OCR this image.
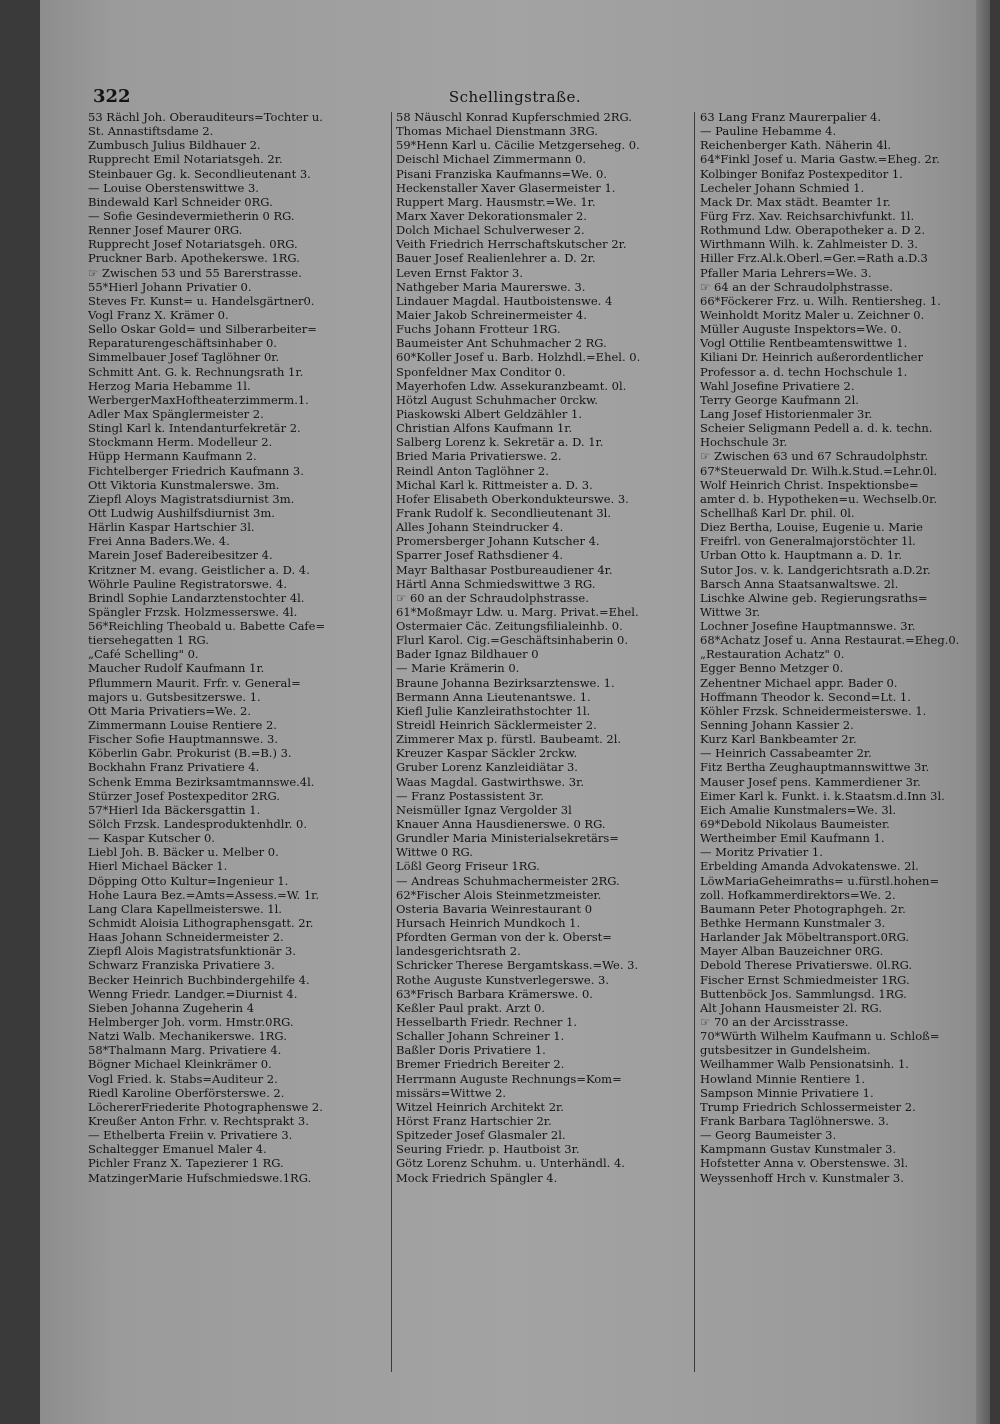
322	Schellingstraße.
53 Rächl Joh. Oberauditeurs=Tochter u.
St. Annastiftsdame 2.
Zumbusch Julius Bildhauer 2.
Rupprecht Emil Notariatsgeh. 2r.
Steinbauer Gg. k. Secondlieutenant 3.
— Louise Oberstenswittwe 3.
Bindewald Karl Schneider 0RG.
— Sofie Gesindevermietherin 0 RG.
Renner Josef Maurer 0RG.
Rupprecht Josef Notariatsgeh. 0RG.
Pruckner Barb. Apothekerswe. 1RG.
☞ Zwischen 53 und 55 Barerstrasse.
55*Hierl Johann Privatier 0.
Steves Fr. Kunst= u. Handelsgärtner0.
Vogl Franz X. Krämer 0.
Sello Oskar Gold= und Silberarbeiter=
Reparaturengeschäftsinhaber 0.
Simmelbauer Josef Taglöhner 0r.
Schmitt Ant. G. k. Rechnungsrath 1r.
Herzog Maria Hebamme 1l.
WerbergerMaxHoftheaterzimmerm.1.
Adler Max Spänglermeister 2.
Stingl Karl k. Intendanturfekretär 2.
Stockmann Herm. Modelleur 2.
Hüpp Hermann Kaufmann 2.
Fichtelberger Friedrich Kaufmann 3.
Ott Viktoria Kunstmalerswe. 3m.
Ziepfl Aloys Magistratsdiurnist 3m.
Ott Ludwig Aushilfsdiurnist 3m.
Härlin Kaspar Hartschier 3l.
Frei Anna Baders.We. 4.
Marein Josef Badereibesitzer 4.
Kritzner M. evang. Geistlicher a. D. 4.
Wöhrle Pauline Registratorswe. 4.
Brindl Sophie Landarztenstochter 4l.
Spängler Frzsk. Holzmesserswe. 4l.
56*Reichling Theobald u. Babette Cafe=
tiersehegatten 1 RG.
„Café Schelling" 0.
Maucher Rudolf Kaufmann 1r.
Pflummern Maurit. Frfr. v. General=
majors u. Gutsbesitzerswe. 1.
Ott Maria Privatiers=We. 2.
Zimmermann Louise Rentiere 2.
Fischer Sofie Hauptmannswe. 3.
Köberlin Gabr. Prokurist (B.=B.) 3.
Bockhahn Franz Privatiere 4.
Schenk Emma Bezirksamtmannswe.4l.
Stürzer Josef Postexpeditor 2RG.
57*Hierl Ida Bäckersgattin 1.
Sölch Frzsk. Landesproduktenhdlr. 0.
— Kaspar Kutscher 0.
Liebl Joh. B. Bäcker u. Melber 0.
Hierl Michael Bäcker 1.
Döpping Otto Kultur=Ingenieur 1.
Hohe Laura Bez.=Amts=Assess.=W. 1r.
Lang Clara Kapellmeisterswe. 1l.
Schmidt Aloisia Lithographensgatt. 2r.
Haas Johann Schneidermeister 2.
Ziepfl Alois Magistratsfunktionär 3.
Schwarz Franziska Privatiere 3.
Becker Heinrich Buchbindergehilfe 4.
Wenng Friedr. Landger.=Diurnist 4.
Sieben Johanna Zugeherin 4
Helmberger Joh. vorm. Hmstr.0RG.
Natzi Walb. Mechanikerswe. 1RG.
58*Thalmann Marg. Privatiere 4.
Bögner Michael Kleinkrämer 0.
Vogl Fried. k. Stabs=Auditeur 2.
Riedl Karoline Oberförsterswe. 2.
LöchererFriederite Photographenswe 2.
Kreußer Anton Frhr. v. Rechtsprakt 3.
— Ethelberta Freiin v. Privatiere 3.
Schaltegger Emanuel Maler 4.
Pichler Franz X. Tapezierer 1 RG.
MatzingerMarie Hufschmiedswe.1RG.
58 Näuschl Konrad Kupferschmied 2RG.
Thomas Michael Dienstmann 3RG.
59*Henn Karl u. Cäcilie Metzgersehеg. 0.
Deischl Michael Zimmermann 0.
Pisani Franziska Kaufmanns=We. 0.
Heckenstaller Xaver Glasermeister 1.
Ruppert Marg. Hausmstr.=We. 1r.
Marx Xaver Dekorationsmaler 2.
Dolch Michael Schulverweser 2.
Veith Friedrich Herrschaftskutscher 2r.
Bauer Josef Realienlehrer a. D. 2r.
Leven Ernst Faktor 3.
Nathgeber Maria Maurerswe. 3.
Lindauer Magdal. Hautboistenswe. 4
Maier Jakob Schreinermeister 4.
Fuchs Johann Frotteur 1RG.
Baumeister Ant Schuhmacher 2 RG.
60*Koller Josef u. Barb. Holzhdl.=Ehel. 0.
Sponfeldner Max Conditor 0.
Mayerhofen Ldw. Assekuranzbeamt. 0l.
Hötzl August Schuhmacher 0rckw.
Piaskowski Albert Geldzähler 1.
Christian Alfons Kaufmann 1r.
Salberg Lorenz k. Sekretär a. D. 1r.
Bried Maria Privatierswe. 2.
Reindl Anton Taglöhner 2.
Michal Karl k. Rittmeister a. D. 3.
Hofer Elisabeth Oberkondukteurswe. 3.
Frank Rudolf k. Secondlieutenant 3l.
Alles Johann Steindrucker 4.
Promersberger Johann Kutscher 4.
Sparrer Josef Rathsdiener 4.
Mayr Balthasar Postbureaudiener 4r.
Härtl Anna Schmiedswittwe 3 RG.
☞ 60 an der Schraudolphstrasse.
61*Moßmayr Ldw. u. Marg. Privat.=Ehel.
Ostermaier Cäc. Zeitungsfilialeinhb. 0.
Flurl Karol. Cig.=Geschäftsinhaberin 0.
Bader Ignaz Bildhauer 0
— Marie Krämerin 0.
Braune Johanna Bezirksarztenswe. 1.
Bermann Anna Lieutenantswe. 1.
Kiefl Julie Kanzleirathstochter 1l.
Streidl Heinrich Säcklermeister 2.
Zimmerer Max p. fürstl. Baubeamt. 2l.
Kreuzer Kaspar Säckler 2rckw.
Gruber Lorenz Kanzleidiätar 3.
Waas Magdal. Gastwirthswe. 3r.
— Franz Postassistent 3r.
Neismüller Ignaz Vergolder 3l
Knauer Anna Hausdienerswe. 0 RG.
Grundler Maria Ministerialsekretärs=
Wittwe 0 RG.
Lößl Georg Friseur 1RG.
— Andreas Schuhmachermeister 2RG.
62*Fischer Alois Steinmetzmeister.
Osteria Bavaria Weinrestaurant 0
Hursach Heinrich Mundkoch 1.
Pfordten German von der k. Oberst=
landesgerichtsrath 2.
Schricker Therese Bergamtskass.=We. 3.
Rothe Auguste Kunstverlegerswe. 3.
63*Frisch Barbara Krämerswe. 0.
Keßler Paul prakt. Arzt 0.
Hesselbarth Friedr. Rechner 1.
Schaller Johann Schreiner 1.
Baßler Doris Privatiere 1.
Bremer Friedrich Bereiter 2.
Herrmann Auguste Rechnungs=Kom=
missärs=Wittwe 2.
Witzel Heinrich Architekt 2r.
Hörst Franz Hartschier 2r.
Spitzeder Josef Glasmaler 2l.
Seuring Friedr. p. Hautboist 3r.
Götz Lorenz Schuhm. u. Unterhändl. 4.
Mock Friedrich Spängler 4.
63 Lang Franz Maurerpalier 4.
— Pauline Hebamme 4.
Reichenberger Kath. Näherin 4l.
64*Finkl Josef u. Maria Gastw.=Eheg. 2r.
Kolbinger Bonifaz Postexpeditor 1.
Lecheler Johann Schmied 1.
Mack Dr. Max städt. Beamter 1r.
Fürg Frz. Xav. Reichsarchivfunkt. 1l.
Rothmund Ldw. Oberapotheker a. D 2.
Wirthmann Wilh. k. Zahlmeister D. 3.
Hiller Frz.Al.k.Oberl.=Ger.=Rath a.D.3
Pfaller Maria Lehrers=We. 3.
☞ 64 an der Schraudolphstrasse.
66*Föckerer Frz. u. Wilh. Rentiersheg. 1.
Weinholdt Moritz Maler u. Zeichner 0.
Müller Auguste Inspektors=We. 0.
Vogl Ottilie Rentbeamtenswittwe 1.
Kiliani Dr. Heinrich außerordentlicher
Professor a. d. techn Hochschule 1.
Wahl Josefine Privatiere 2.
Terry George Kaufmann 2l.
Lang Josef Historienmaler 3r.
Scheier Seligmann Pedell a. d. k. techn.
Hochschule 3r.
☞ Zwischen 63 und 67 Schraudolphstr.
67*Steuerwald Dr. Wilh.k.Stud.=Lehr.0l.
Wolf Heinrich Christ. Inspektionsbe=
amter d. b. Hypotheken=u. Wechselb.0r.
Schellhaß Karl Dr. phil. 0l.
Diez Bertha, Louise, Eugenie u. Marie
Freifrl. von Generalmajorstöchter 1l.
Urban Otto k. Hauptmann a. D. 1r.
Sutor Jos. v. k. Landgerichtsrath a.D.2r.
Barsch Anna Staatsanwaltswe. 2l.
Lischke Alwine geb. Regierungsraths=
Wittwe 3r.
Lochner Josefine Hauptmannswe. 3r.
68*Achatz Josef u. Anna Restaurat.=Eheg.0.
„Restauration Achatz" 0.
Egger Benno Metzger 0.
Zehentner Michael appr. Bader 0.
Hoffmann Theodor k. Second=Lt. 1.
Köhler Frzsk. Schneidermeisterswe. 1.
Senning Johann Kassier 2.
Kurz Karl Bankbeamter 2r.
— Heinrich Cassabeamter 2r.
Fitz Bertha Zeughauptmannswittwe 3r.
Mauser Josef pens. Kammerdiener 3r.
Eimer Karl k. Funkt. i. k.Staatsm.d.Inn 3l.
Eich Amalie Kunstmalers=We. 3l.
69*Debold Nikolaus Baumeister.
Wertheimber Emil Kaufmann 1.
— Moritz Privatier 1.
Erbelding Amanda Advokatenswe. 2l.
LöwMariaGeheimraths= u.fürstl.hohen=
zoll. Hofkammerdirektors=We. 2.
Baumann Peter Photographgeh. 2r.
Bethke Hermann Kunstmaler 3.
Harlander Jak Möbeltransport.0RG.
Mayer Alban Bauzeichner 0RG.
Debold Therese Privatierswe. 0l.RG.
Fischer Ernst Schmiedmeister 1RG.
Buttenböck Jos. Sammlungsd. 1RG.
Alt Johann Hausmeister 2l. RG.
☞ 70 an der Arcisstrasse.
70*Würth Wilhelm Kaufmann u. Schloß=
gutsbesitzer in Gundelsheim.
Weilhammer Walb Pensionatsinh. 1.
Howland Minnie Rentiere 1.
Sampson Minnie Privatiere 1.
Trump Friedrich Schlossermeister 2.
Frank Barbara Taglöhnerswe. 3.
— Georg Baumeister 3.
Kampmann Gustav Kunstmaler 3.
Hofstetter Anna v. Oberstenswe. 3l.
Weyssenhoff Hrch v. Kunstmaler 3.
